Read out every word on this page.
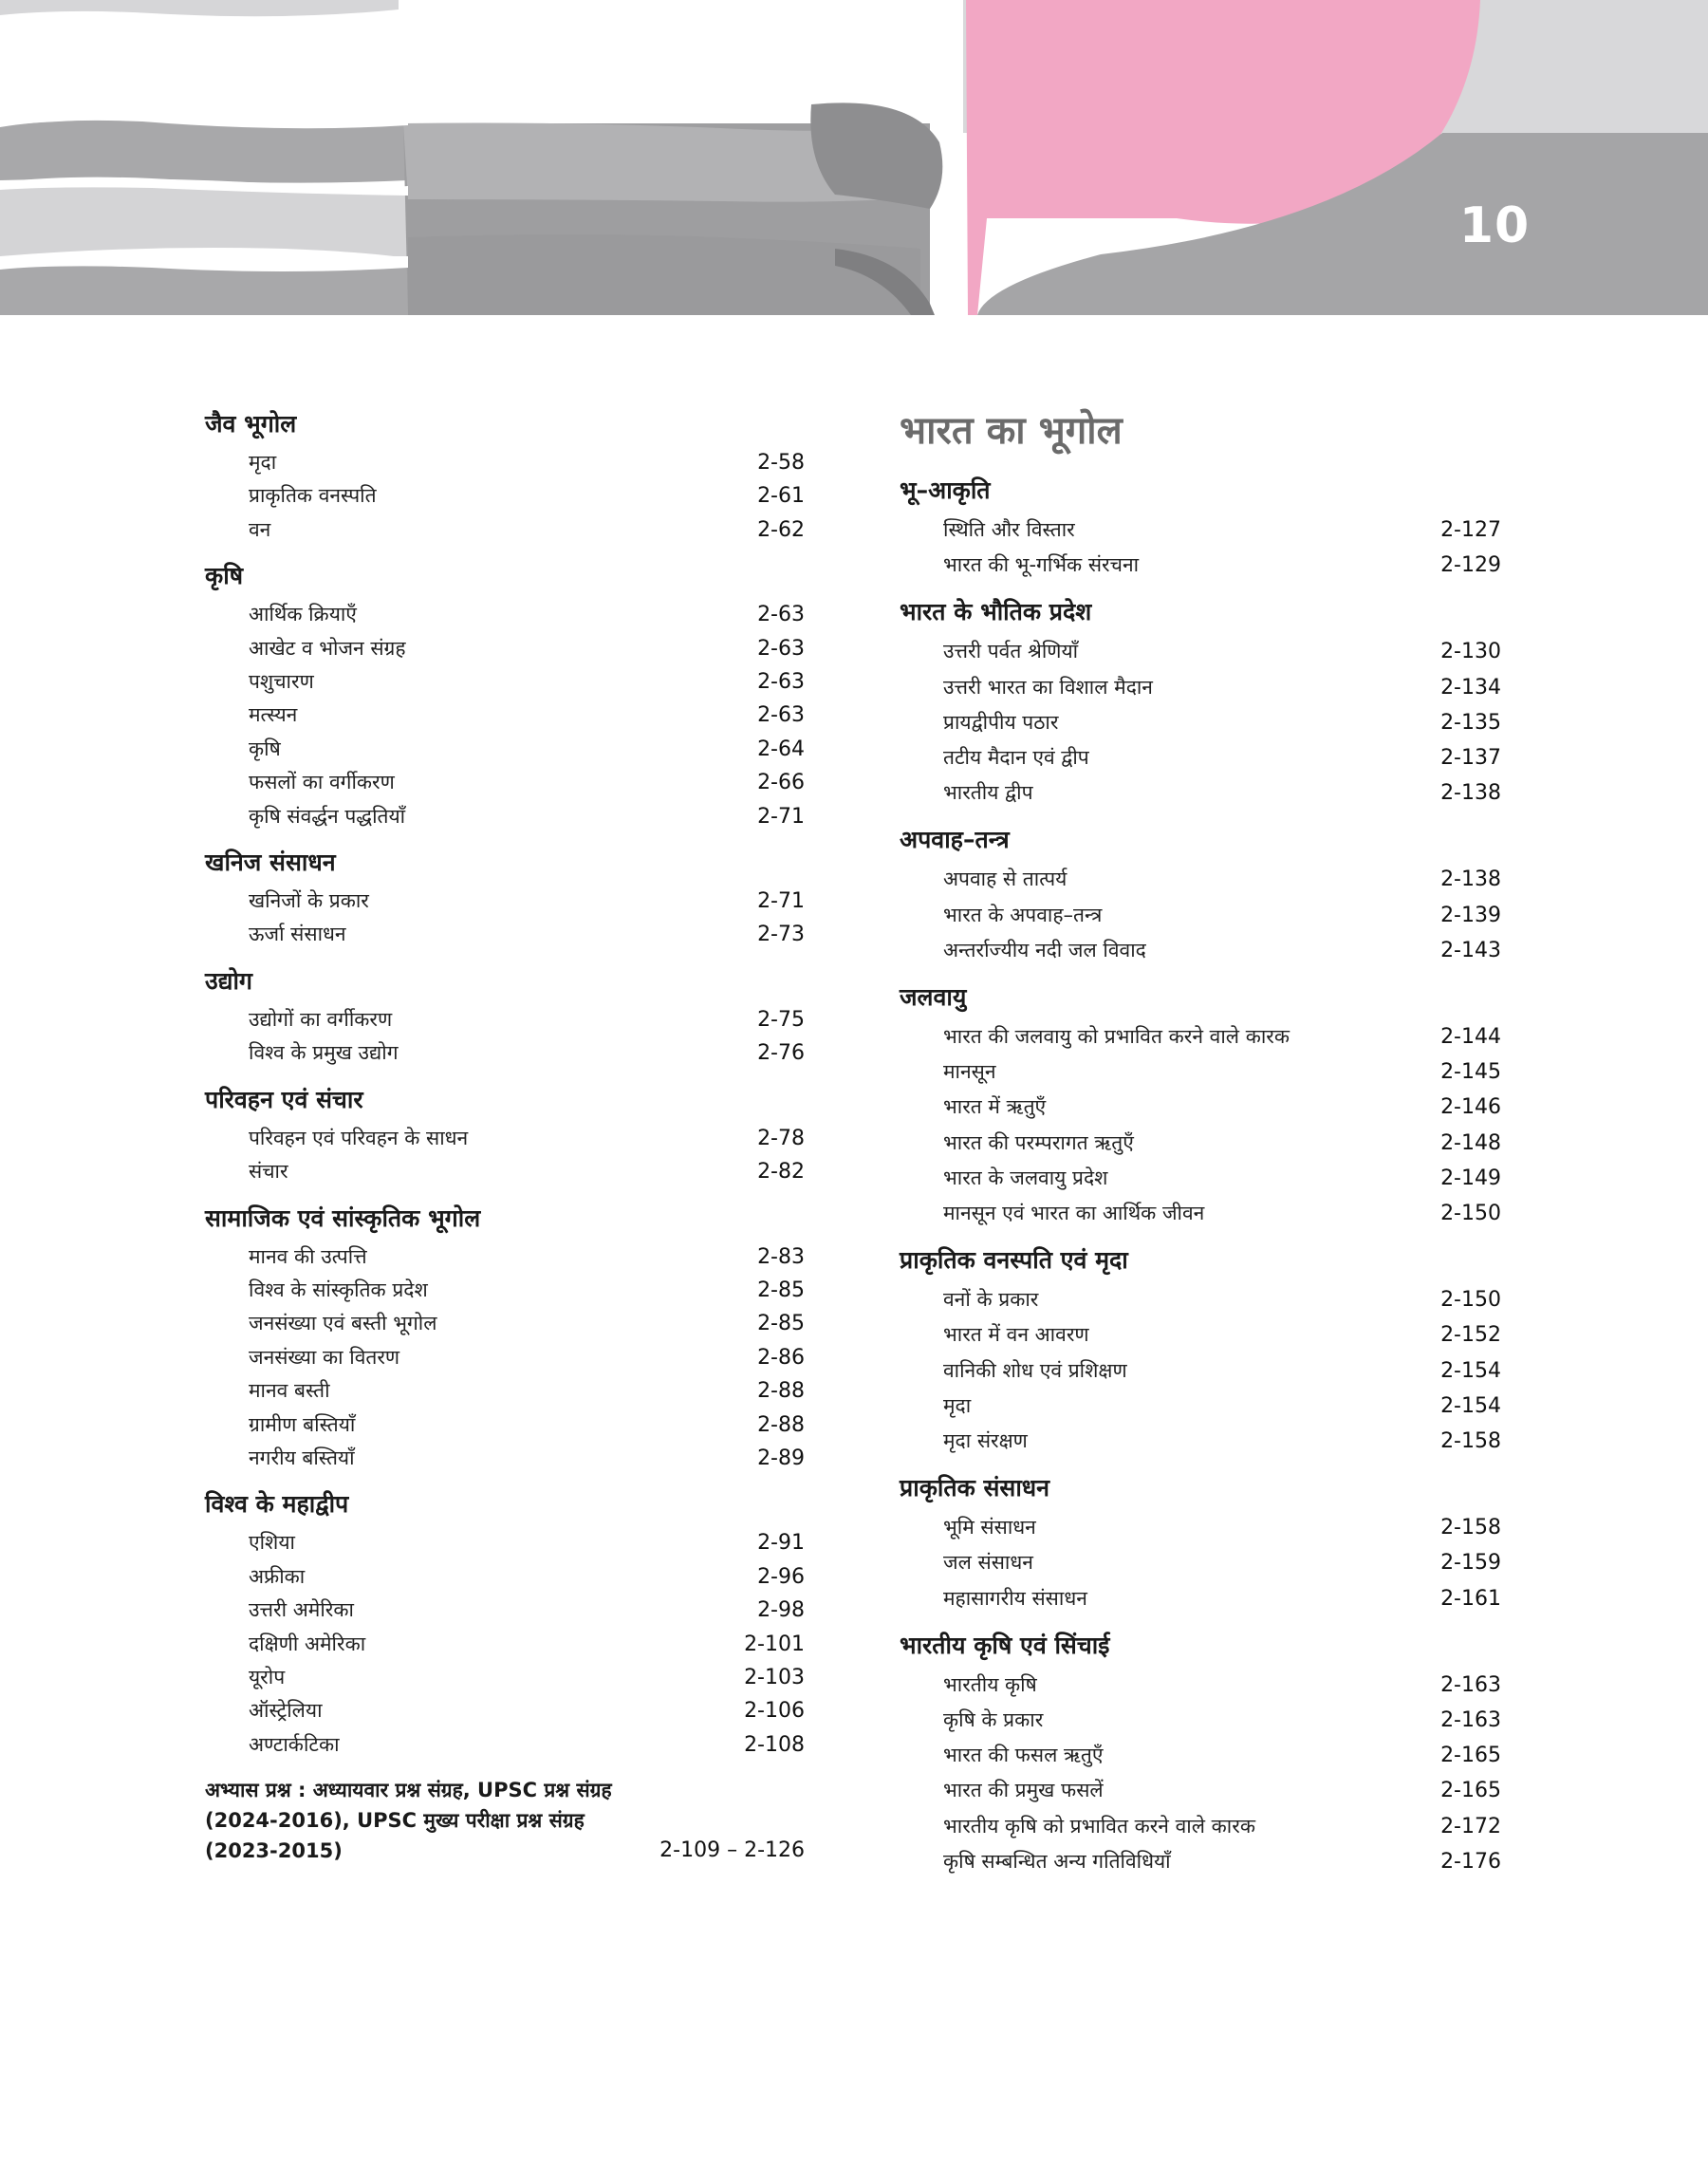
10
जैव भूगोल
मृदा	2-58
प्राकृतिक वनस्पति	2-61
वन	2-62
कृषि
आर्थिक क्रियाएँ	2-63
आखेट व भोजन संग्रह	2-63
पशुचारण	2-63
मत्स्यन	2-63
कृषि	2-64
फसलों का वर्गीकरण	2-66
कृषि संवर्द्धन पद्धतियाँ	2-71
खनिज संसाधन
खनिजों के प्रकार	2-71
ऊर्जा संसाधन	2-73
उद्योग
उद्योगों का वर्गीकरण	2-75
विश्व के प्रमुख उद्योग	2-76
परिवहन एवं संचार
परिवहन एवं परिवहन के साधन	2-78
संचार	2-82
सामाजिक एवं सांस्कृतिक भूगोल
मानव की उत्पत्ति	2-83
विश्व के सांस्कृतिक प्रदेश	2-85
जनसंख्या एवं बस्ती भूगोल	2-85
जनसंख्या का वितरण	2-86
मानव बस्ती	2-88
ग्रामीण बस्तियाँ	2-88
नगरीय बस्तियाँ	2-89
विश्व के महाद्वीप
एशिया	2-91
अफ्रीका	2-96
उत्तरी अमेरिका	2-98
दक्षिणी अमेरिका	2-101
यूरोप	2-103
ऑस्ट्रेलिया	2-106
अण्टार्कटिका	2-108
अभ्यास प्रश्न : अध्यायवार प्रश्न संग्रह, UPSC प्रश्न संग्रह (2024-2016), UPSC मुख्य परीक्षा प्रश्न संग्रह (2023-2015)	2-109 – 2-126
भारत का भूगोल
भू–आकृति
स्थिति और विस्तार	2-127
भारत की भू-गर्भिक संरचना	2-129
भारत के भौतिक प्रदेश
उत्तरी पर्वत श्रेणियाँ	2-130
उत्तरी भारत का विशाल मैदान	2-134
प्रायद्वीपीय पठार	2-135
तटीय मैदान एवं द्वीप	2-137
भारतीय द्वीप	2-138
अपवाह–तन्त्र
अपवाह से तात्पर्य	2-138
भारत के अपवाह–तन्त्र	2-139
अन्तर्राज्यीय नदी जल विवाद	2-143
जलवायु
भारत की जलवायु को प्रभावित करने वाले कारक	2-144
मानसून	2-145
भारत में ऋतुएँ	2-146
भारत की परम्परागत ऋतुएँ	2-148
भारत के जलवायु प्रदेश	2-149
मानसून एवं भारत का आर्थिक जीवन	2-150
प्राकृतिक वनस्पति एवं मृदा
वनों के प्रकार	2-150
भारत में वन आवरण	2-152
वानिकी शोध एवं प्रशिक्षण	2-154
मृदा	2-154
मृदा संरक्षण	2-158
प्राकृतिक संसाधन
भूमि संसाधन	2-158
जल संसाधन	2-159
महासागरीय संसाधन	2-161
भारतीय कृषि एवं सिंचाई
भारतीय कृषि	2-163
कृषि के प्रकार	2-163
भारत की फसल ऋतुएँ	2-165
भारत की प्रमुख फसलें	2-165
भारतीय कृषि को प्रभावित करने वाले कारक	2-172
कृषि सम्बन्धित अन्य गतिविधियाँ	2-176
